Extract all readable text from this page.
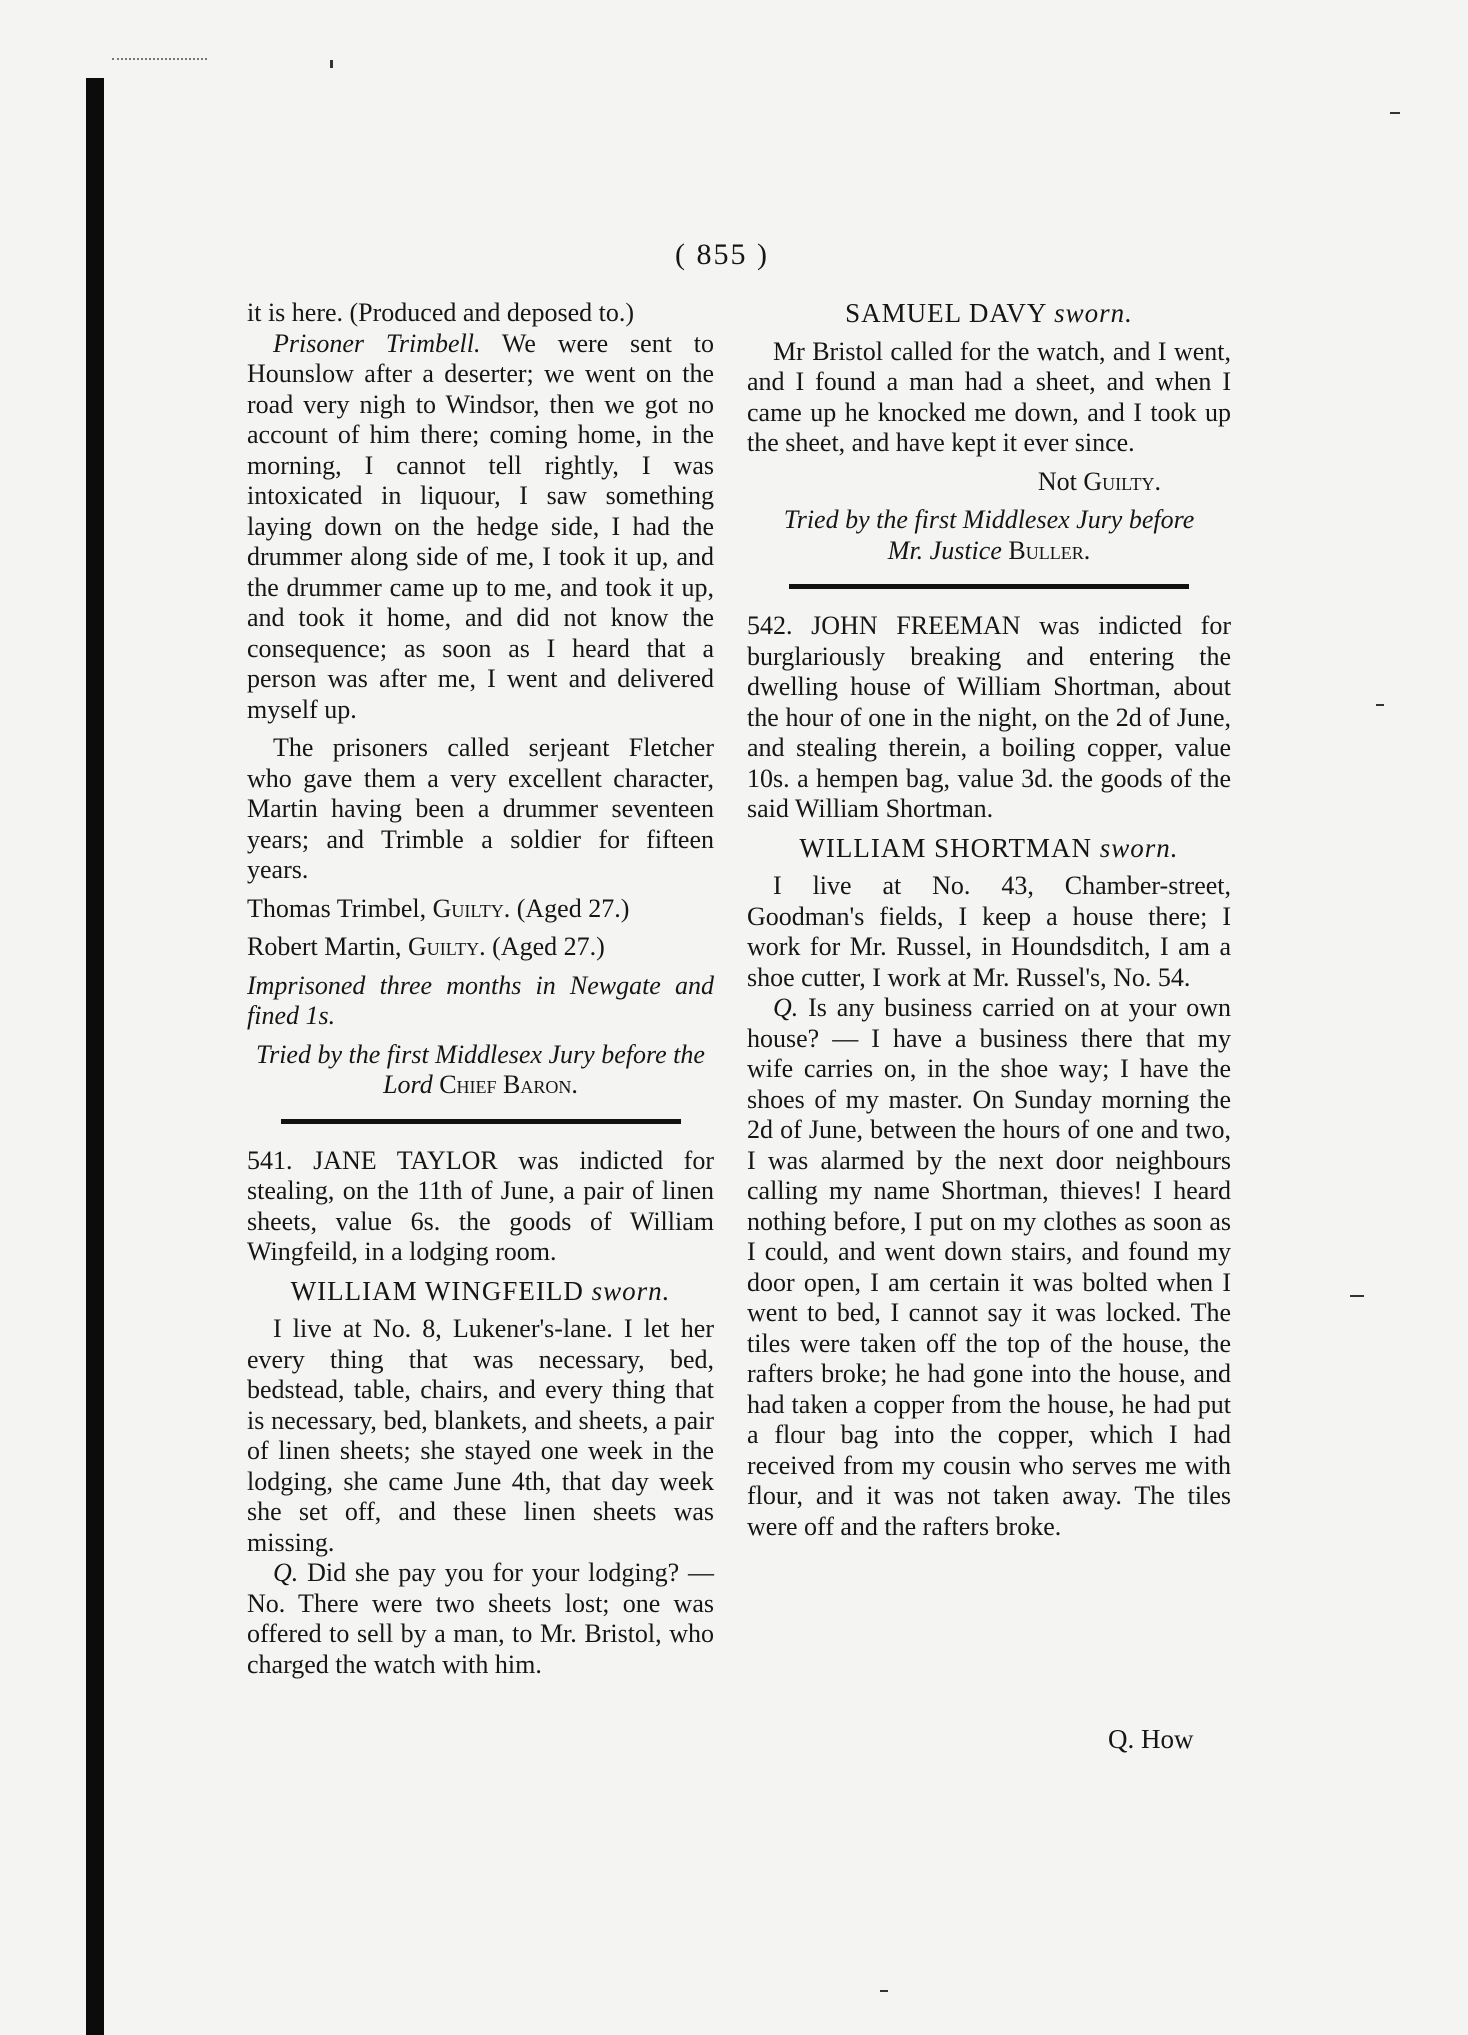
( 855 )

it is here. (Produced and deposed to.)

Prisoner Trimbell. We were sent to Hounslow after a deserter; we went on the road very nigh to Windsor, then we got no account of him there; coming home, in the morning, I cannot tell rightly, I was intoxicated in liquour, I saw something laying down on the hedge side, I had the drummer along side of me, I took it up, and the drummer came up to me, and took it up, and took it home, and did not know the consequence; as soon as I heard that a person was after me, I went and delivered myself up.

The prisoners called serjeant Fletcher who gave them a very excellent character, Martin having been a drummer seventeen years; and Trimble a soldier for fifteen years.

Thomas Trimbel, Guilty. (Aged 27.)

Robert Martin, Guilty. (Aged 27.)

Imprisoned three months in Newgate and fined 1s.

Tried by the first Middlesex Jury before the

Lord Chief Baron.

541. JANE TAYLOR was indicted for stealing, on the 11th of June, a pair of linen sheets, value 6s. the goods of William Wingfeild, in a lodging room.

WILLIAM WINGFEILD sworn.

I live at No. 8, Lukener's-lane. I let her every thing that was necessary, bed, bedstead, table, chairs, and every thing that is necessary, bed, blankets, and sheets, a pair of linen sheets; she stayed one week in the lodging, she came June 4th, that day week she set off, and these linen sheets was missing.

Q. Did she pay you for your lodging? — No. There were two sheets lost; one was offered to sell by a man, to Mr. Bristol, who charged the watch with him.

SAMUEL DAVY sworn.

Mr Bristol called for the watch, and I went, and I found a man had a sheet, and when I came up he knocked me down, and I took up the sheet, and have kept it ever since.

Not Guilty.

Tried by the first Middlesex Jury before

Mr. Justice Buller.

542. JOHN FREEMAN was indicted for burglariously breaking and entering the dwelling house of William Shortman, about the hour of one in the night, on the 2d of June, and stealing therein, a boiling copper, value 10s. a hempen bag, value 3d. the goods of the said William Shortman.

WILLIAM SHORTMAN sworn.

I live at No. 43, Chamber-street, Goodman's fields, I keep a house there; I work for Mr. Russel, in Houndsditch, I am a shoe cutter, I work at Mr. Russel's, No. 54.

Q. Is any business carried on at your own house? — I have a business there that my wife carries on, in the shoe way; I have the shoes of my master. On Sunday morning the 2d of June, between the hours of one and two, I was alarmed by the next door neighbours calling my name Shortman, thieves! I heard nothing before, I put on my clothes as soon as I could, and went down stairs, and found my door open, I am certain it was bolted when I went to bed, I cannot say it was locked. The tiles were taken off the top of the house, the rafters broke; he had gone into the house, and had taken a copper from the house, he had put a flour bag into the copper, which I had received from my cousin who serves me with flour, and it was not taken away. The tiles were off and the rafters broke.

Q. How
